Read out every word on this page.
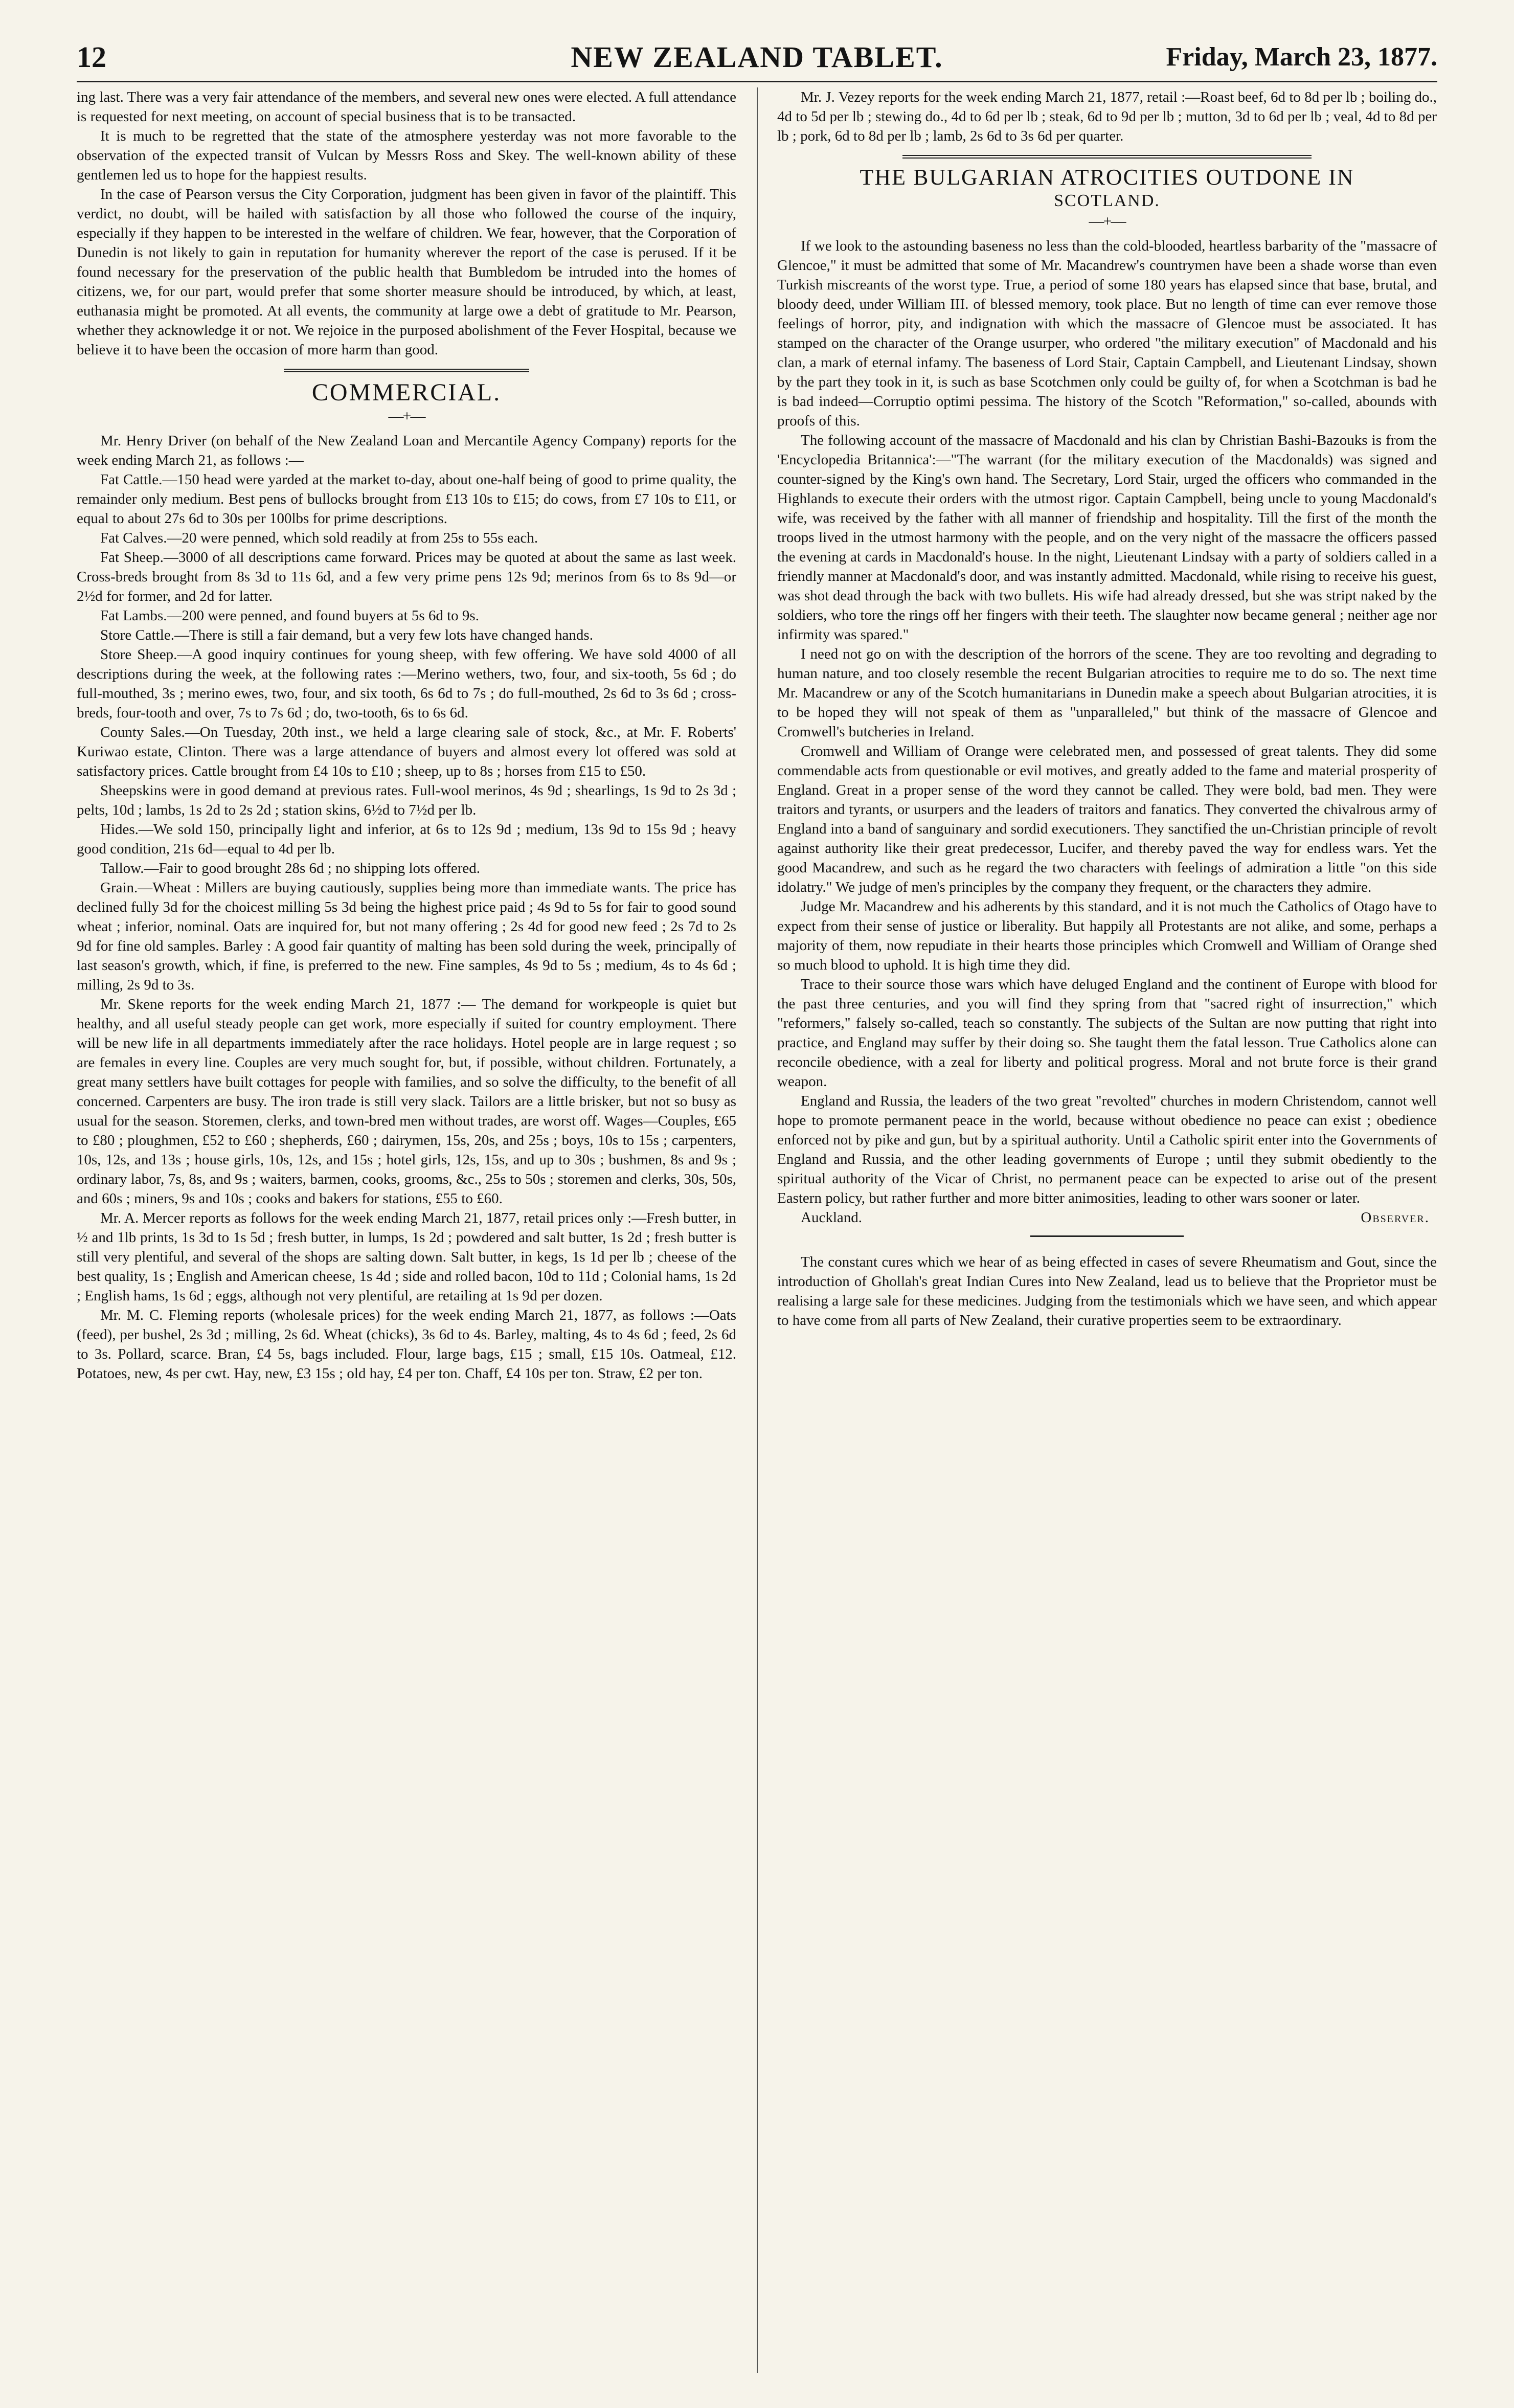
12	NEW ZEALAND TABLET.	Friday, March 23, 1877.

ing last. There was a very fair attendance of the members, and several new ones were elected. A full attendance is requested for next meeting, on account of special business that is to be transacted.

It is much to be regretted that the state of the atmosphere yesterday was not more favorable to the observation of the expected transit of Vulcan by Messrs Ross and Skey. The well-known ability of these gentlemen led us to hope for the happiest results.

In the case of Pearson versus the City Corporation, judgment has been given in favor of the plaintiff. This verdict, no doubt, will be hailed with satisfaction by all those who followed the course of the inquiry, especially if they happen to be interested in the welfare of children. We fear, however, that the Corporation of Dunedin is not likely to gain in reputation for humanity wherever the report of the case is perused. If it be found necessary for the preservation of the public health that Bumbledom be intruded into the homes of citizens, we, for our part, would prefer that some shorter measure should be introduced, by which, at least, euthanasia might be promoted. At all events, the community at large owe a debt of gratitude to Mr. Pearson, whether they acknowledge it or not. We rejoice in the purposed abolishment of the Fever Hospital, because we believe it to have been the occasion of more harm than good.

COMMERCIAL.
—+—

Mr. Henry Driver (on behalf of the New Zealand Loan and Mercantile Agency Company) reports for the week ending March 21, as follows :—

Fat Cattle.—150 head were yarded at the market to-day, about one-half being of good to prime quality, the remainder only medium. Best pens of bullocks brought from £13 10s to £15; do cows, from £7 10s to £11, or equal to about 27s 6d to 30s per 100lbs for prime descriptions.

Fat Calves.—20 were penned, which sold readily at from 25s to 55s each.

Fat Sheep.—3000 of all descriptions came forward. Prices may be quoted at about the same as last week. Cross-breds brought from 8s 3d to 11s 6d, and a few very prime pens 12s 9d; merinos from 6s to 8s 9d—or 2½d for former, and 2d for latter.

Fat Lambs.—200 were penned, and found buyers at 5s 6d to 9s.

Store Cattle.—There is still a fair demand, but a very few lots have changed hands.

Store Sheep.—A good inquiry continues for young sheep, with few offering. We have sold 4000 of all descriptions during the week, at the following rates :—Merino wethers, two, four, and six-tooth, 5s 6d ; do full-mouthed, 3s ; merino ewes, two, four, and six tooth, 6s 6d to 7s ; do full-mouthed, 2s 6d to 3s 6d ; cross-breds, four-tooth and over, 7s to 7s 6d ; do, two-tooth, 6s to 6s 6d.

County Sales.—On Tuesday, 20th inst., we held a large clearing sale of stock, &c., at Mr. F. Roberts' Kuriwao estate, Clinton. There was a large attendance of buyers and almost every lot offered was sold at satisfactory prices. Cattle brought from £4 10s to £10 ; sheep, up to 8s ; horses from £15 to £50.

Sheepskins were in good demand at previous rates. Full-wool merinos, 4s 9d ; shearlings, 1s 9d to 2s 3d ; pelts, 10d ; lambs, 1s 2d to 2s 2d ; station skins, 6½d to 7½d per lb.

Hides.—We sold 150, principally light and inferior, at 6s to 12s 9d ; medium, 13s 9d to 15s 9d ; heavy good condition, 21s 6d—equal to 4d per lb.

Tallow.—Fair to good brought 28s 6d ; no shipping lots offered.

Grain.—Wheat : Millers are buying cautiously, supplies being more than immediate wants. The price has declined fully 3d for the choicest milling 5s 3d being the highest price paid ; 4s 9d to 5s for fair to good sound wheat ; inferior, nominal. Oats are inquired for, but not many offering ; 2s 4d for good new feed ; 2s 7d to 2s 9d for fine old samples. Barley : A good fair quantity of malting has been sold during the week, principally of last season's growth, which, if fine, is preferred to the new. Fine samples, 4s 9d to 5s ; medium, 4s to 4s 6d ; milling, 2s 9d to 3s.

Mr. Skene reports for the week ending March 21, 1877 :— The demand for workpeople is quiet but healthy, and all useful steady people can get work, more especially if suited for country employment. There will be new life in all departments immediately after the race holidays. Hotel people are in large request ; so are females in every line. Couples are very much sought for, but, if possible, without children. Fortunately, a great many settlers have built cottages for people with families, and so solve the difficulty, to the benefit of all concerned. Carpenters are busy. The iron trade is still very slack. Tailors are a little brisker, but not so busy as usual for the season. Storemen, clerks, and town-bred men without trades, are worst off. Wages—Couples, £65 to £80 ; ploughmen, £52 to £60 ; shepherds, £60 ; dairymen, 15s, 20s, and 25s ; boys, 10s to 15s ; carpenters, 10s, 12s, and 13s ; house girls, 10s, 12s, and 15s ; hotel girls, 12s, 15s, and up to 30s ; bushmen, 8s and 9s ; ordinary labor, 7s, 8s, and 9s ; waiters, barmen, cooks, grooms, &c., 25s to 50s ; storemen and clerks, 30s, 50s, and 60s ; miners, 9s and 10s ; cooks and bakers for stations, £55 to £60.

Mr. A. Mercer reports as follows for the week ending March 21, 1877, retail prices only :—Fresh butter, in ½ and 1lb prints, 1s 3d to 1s 5d ; fresh butter, in lumps, 1s 2d ; powdered and salt butter, 1s 2d ; fresh butter is still very plentiful, and several of the shops are salting down. Salt butter, in kegs, 1s 1d per lb ; cheese of the best quality, 1s ; English and American cheese, 1s 4d ; side and rolled bacon, 10d to 11d ; Colonial hams, 1s 2d ; English hams, 1s 6d ; eggs, although not very plentiful, are retailing at 1s 9d per dozen.

Mr. M. C. Fleming reports (wholesale prices) for the week ending March 21, 1877, as follows :—Oats (feed), per bushel, 2s 3d ; milling, 2s 6d. Wheat (chicks), 3s 6d to 4s. Barley, malting, 4s to 4s 6d ; feed, 2s 6d to 3s. Pollard, scarce. Bran, £4 5s, bags included. Flour, large bags, £15 ; small, £15 10s. Oatmeal, £12. Potatoes, new, 4s per cwt. Hay, new, £3 15s ; old hay, £4 per ton. Chaff, £4 10s per ton. Straw, £2 per ton.

Mr. J. Vezey reports for the week ending March 21, 1877, retail :—Roast beef, 6d to 8d per lb ; boiling do., 4d to 5d per lb ; stewing do., 4d to 6d per lb ; steak, 6d to 9d per lb ; mutton, 3d to 6d per lb ; veal, 4d to 8d per lb ; pork, 6d to 8d per lb ; lamb, 2s 6d to 3s 6d per quarter.

THE BULGARIAN ATROCITIES OUTDONE IN
SCOTLAND.
—+—

If we look to the astounding baseness no less than the cold-blooded, heartless barbarity of the "massacre of Glencoe," it must be admitted that some of Mr. Macandrew's countrymen have been a shade worse than even Turkish miscreants of the worst type. True, a period of some 180 years has elapsed since that base, brutal, and bloody deed, under William III. of blessed memory, took place. But no length of time can ever remove those feelings of horror, pity, and indignation with which the massacre of Glencoe must be associated. It has stamped on the character of the Orange usurper, who ordered "the military execution" of Macdonald and his clan, a mark of eternal infamy. The baseness of Lord Stair, Captain Campbell, and Lieutenant Lindsay, shown by the part they took in it, is such as base Scotchmen only could be guilty of, for when a Scotchman is bad he is bad indeed—Corruptio optimi pessima. The history of the Scotch "Reformation," so-called, abounds with proofs of this.

The following account of the massacre of Macdonald and his clan by Christian Bashi-Bazouks is from the 'Encyclopedia Britannica':—"The warrant (for the military execution of the Macdonalds) was signed and counter-signed by the King's own hand. The Secretary, Lord Stair, urged the officers who commanded in the Highlands to execute their orders with the utmost rigor. Captain Campbell, being uncle to young Macdonald's wife, was received by the father with all manner of friendship and hospitality. Till the first of the month the troops lived in the utmost harmony with the people, and on the very night of the massacre the officers passed the evening at cards in Macdonald's house. In the night, Lieutenant Lindsay with a party of soldiers called in a friendly manner at Macdonald's door, and was instantly admitted. Macdonald, while rising to receive his guest, was shot dead through the back with two bullets. His wife had already dressed, but she was stript naked by the soldiers, who tore the rings off her fingers with their teeth. The slaughter now became general ; neither age nor infirmity was spared."

I need not go on with the description of the horrors of the scene. They are too revolting and degrading to human nature, and too closely resemble the recent Bulgarian atrocities to require me to do so. The next time Mr. Macandrew or any of the Scotch humanitarians in Dunedin make a speech about Bulgarian atrocities, it is to be hoped they will not speak of them as "unparalleled," but think of the massacre of Glencoe and Cromwell's butcheries in Ireland.

Cromwell and William of Orange were celebrated men, and possessed of great talents. They did some commendable acts from questionable or evil motives, and greatly added to the fame and material prosperity of England. Great in a proper sense of the word they cannot be called. They were bold, bad men. They were traitors and tyrants, or usurpers and the leaders of traitors and fanatics. They converted the chivalrous army of England into a band of sanguinary and sordid executioners. They sanctified the un-Christian principle of revolt against authority like their great predecessor, Lucifer, and thereby paved the way for endless wars. Yet the good Macandrew, and such as he regard the two characters with feelings of admiration a little "on this side idolatry." We judge of men's principles by the company they frequent, or the characters they admire.

Judge Mr. Macandrew and his adherents by this standard, and it is not much the Catholics of Otago have to expect from their sense of justice or liberality. But happily all Protestants are not alike, and some, perhaps a majority of them, now repudiate in their hearts those principles which Cromwell and William of Orange shed so much blood to uphold. It is high time they did.

Trace to their source those wars which have deluged England and the continent of Europe with blood for the past three centuries, and you will find they spring from that "sacred right of insurrection," which "reformers," falsely so-called, teach so constantly. The subjects of the Sultan are now putting that right into practice, and England may suffer by their doing so. She taught them the fatal lesson. True Catholics alone can reconcile obedience, with a zeal for liberty and political progress. Moral and not brute force is their grand weapon.

England and Russia, the leaders of the two great "revolted" churches in modern Christendom, cannot well hope to promote permanent peace in the world, because without obedience no peace can exist ; obedience enforced not by pike and gun, but by a spiritual authority. Until a Catholic spirit enter into the Governments of England and Russia, and the other leading governments of Europe ; until they submit obediently to the spiritual authority of the Vicar of Christ, no permanent peace can be expected to arise out of the present Eastern policy, but rather further and more bitter animosities, leading to other wars sooner or later.

Auckland.	Observer.

The constant cures which we hear of as being effected in cases of severe Rheumatism and Gout, since the introduction of Ghollah's great Indian Cures into New Zealand, lead us to believe that the Proprietor must be realising a large sale for these medicines. Judging from the testimonials which we have seen, and which appear to have come from all parts of New Zealand, their curative properties seem to be extraordinary.
